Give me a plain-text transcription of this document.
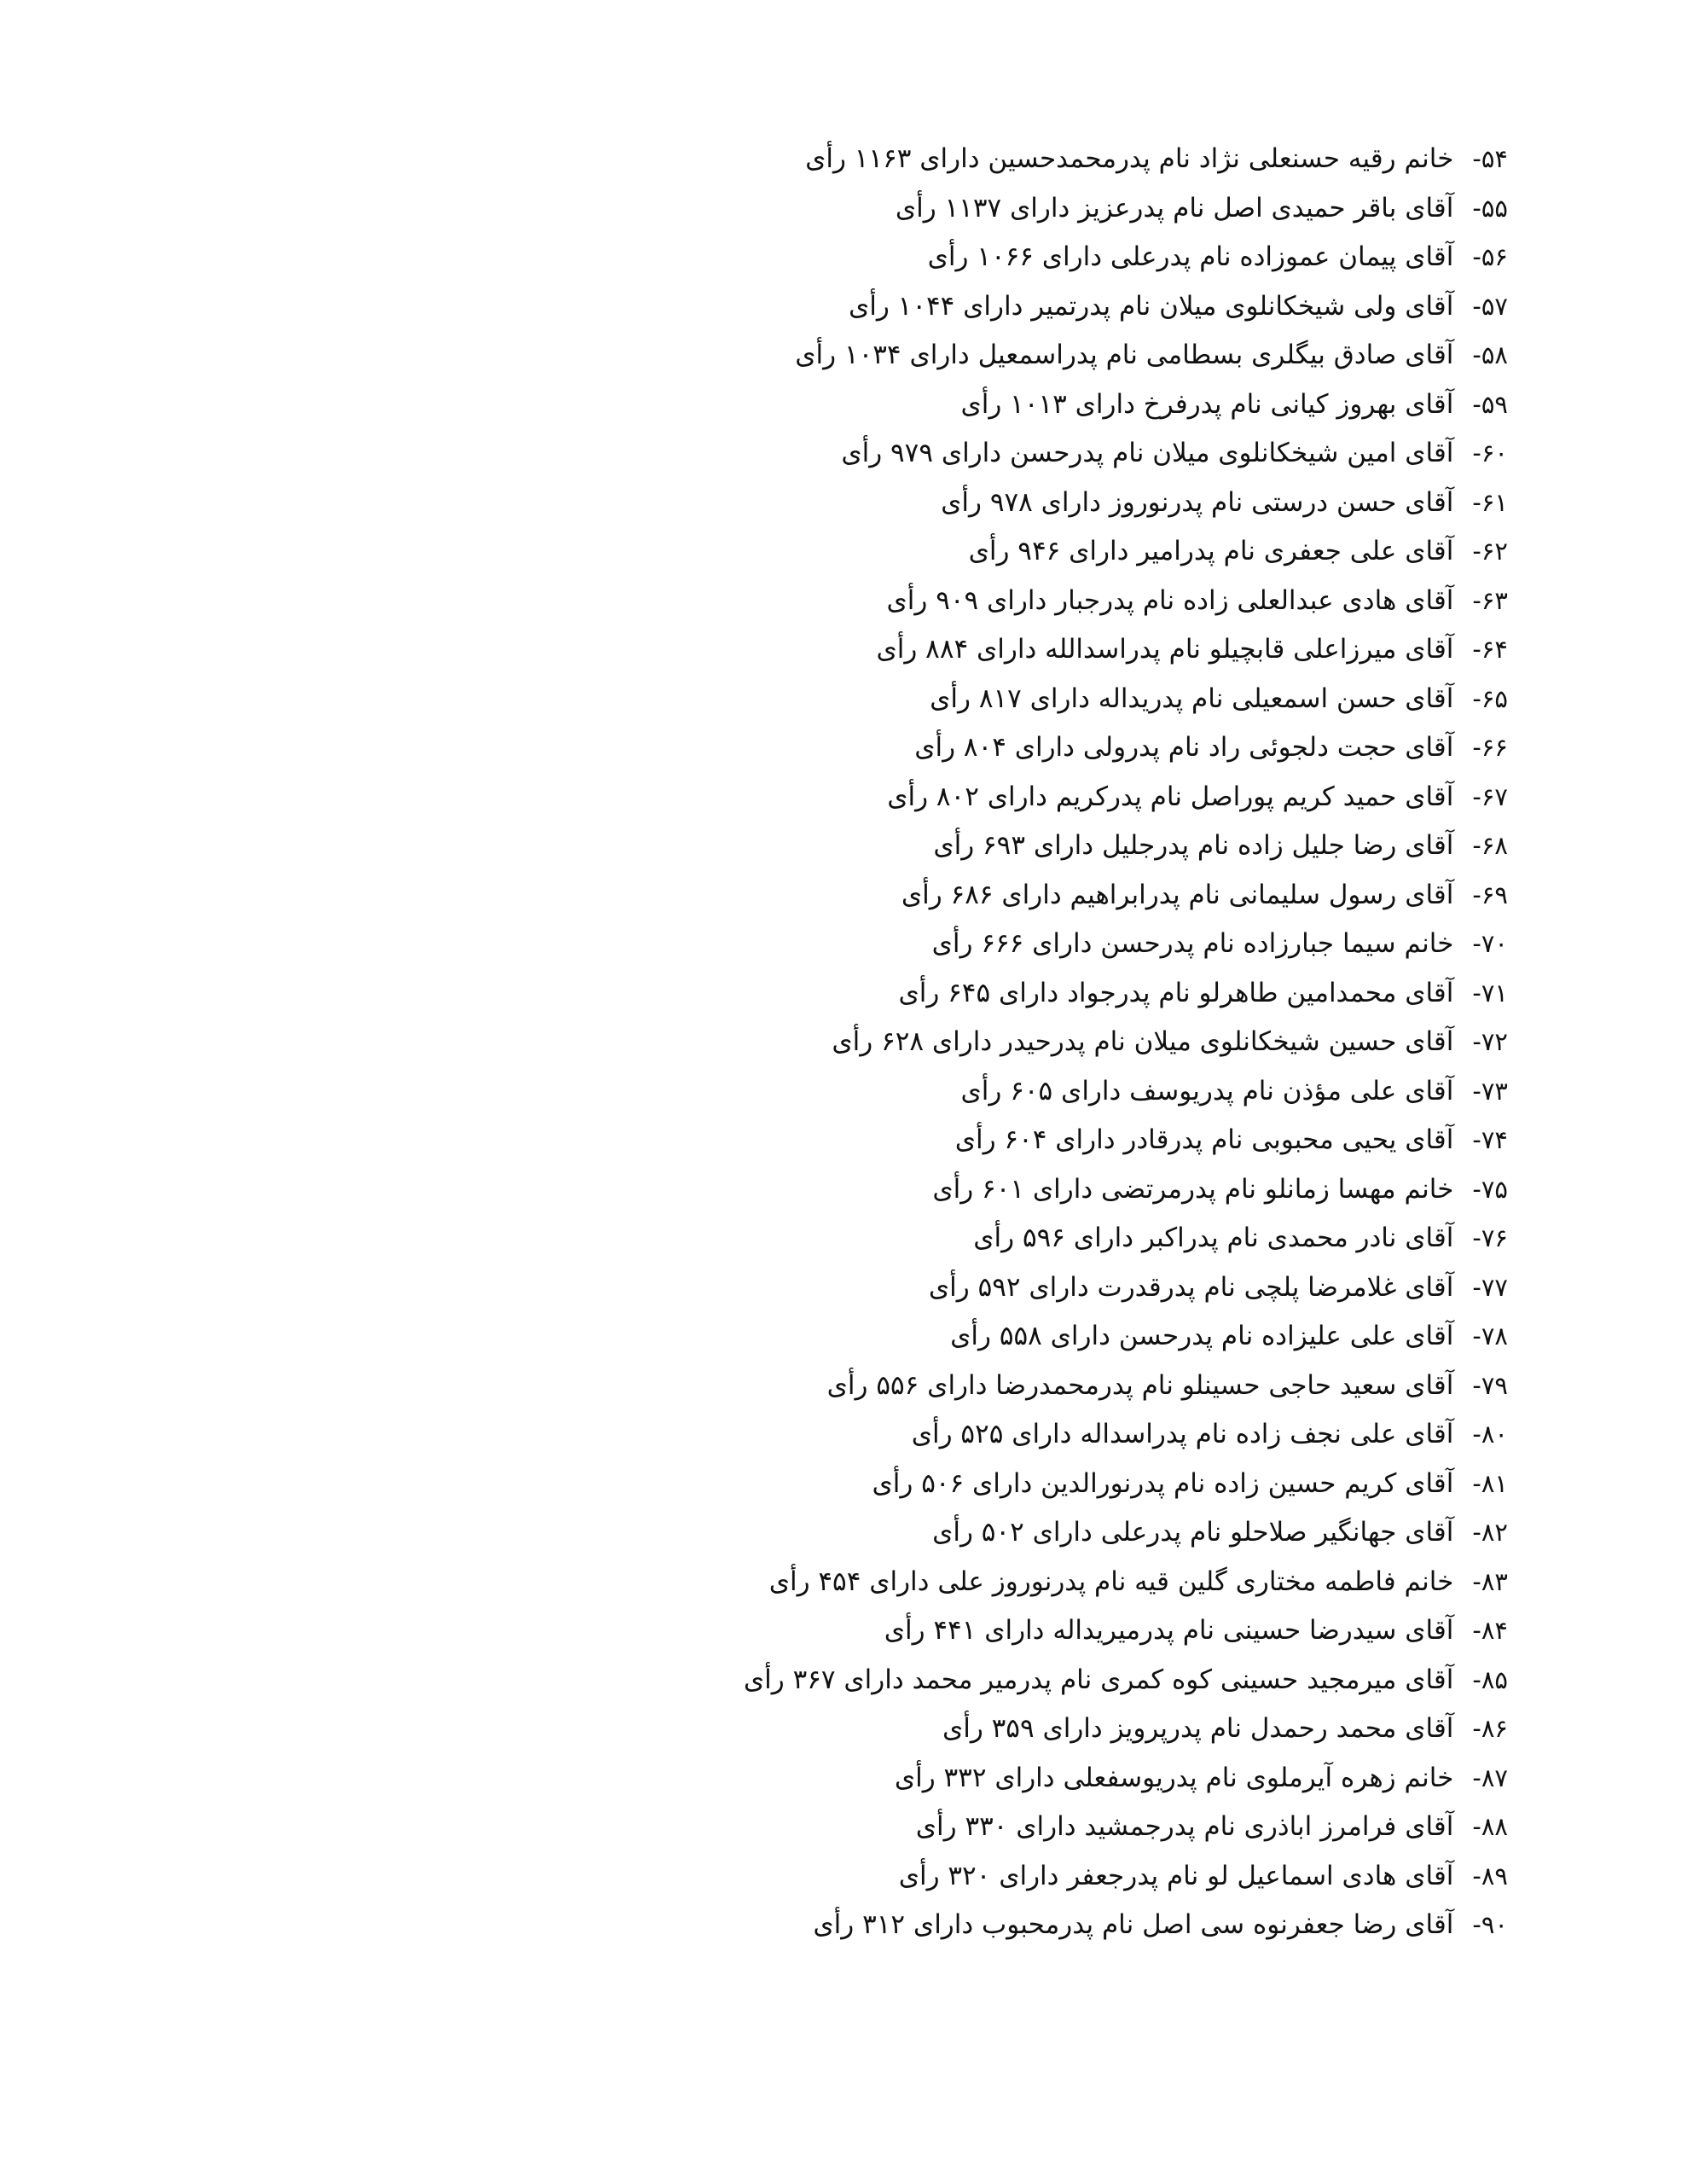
۵۴-
خانم رقیه حسنعلی نژاد نام پدرمحمدحسین دارای ۱۱۶۳ رأی
۵۵-
آقای باقر حمیدی اصل نام پدرعزیز دارای ۱۱۳۷ رأی
۵۶-
آقای پیمان عموزاده نام پدرعلی دارای ۱۰۶۶ رأی
۵۷-
آقای ولی شیخکانلوی میلان نام پدرتمیر دارای ۱۰۴۴ رأی
۵۸-
آقای صادق بیگلری بسطامی نام پدراسمعیل دارای ۱۰۳۴ رأی
۵۹-
آقای بهروز کیانی نام پدرفرخ دارای ۱۰۱۳ رأی
۶۰-
آقای امین شیخکانلوی میلان نام پدرحسن دارای ۹۷۹ رأی
۶۱-
آقای حسن درستی نام پدرنوروز دارای ۹۷۸ رأی
۶۲-
آقای علی جعفری نام پدرامیر دارای ۹۴۶ رأی
۶۳-
آقای هادی عبدالعلی زاده نام پدرجبار دارای ۹۰۹ رأی
۶۴-
آقای میرزاعلی قابچیلو نام پدراسدالله دارای ۸۸۴ رأی
۶۵-
آقای حسن اسمعیلی نام پدریداله دارای ۸۱۷ رأی
۶۶-
آقای حجت دلجوئی راد نام پدرولی دارای ۸۰۴ رأی
۶۷-
آقای حمید کریم پوراصل نام پدرکریم دارای ۸۰۲ رأی
۶۸-
آقای رضا جلیل زاده نام پدرجلیل دارای ۶۹۳ رأی
۶۹-
آقای رسول سلیمانی نام پدرابراهیم دارای ۶۸۶ رأی
۷۰-
خانم سیما جبارزاده نام پدرحسن دارای ۶۶۶ رأی
۷۱-
آقای محمدامین طاهرلو نام پدرجواد دارای ۶۴۵ رأی
۷۲-
آقای حسین شیخکانلوی میلان نام پدرحیدر دارای ۶۲۸ رأی
۷۳-
آقای علی مؤذن نام پدریوسف دارای ۶۰۵ رأی
۷۴-
آقای یحیی محبوبی نام پدرقادر دارای ۶۰۴ رأی
۷۵-
خانم مهسا زمانلو نام پدرمرتضی دارای ۶۰۱ رأی
۷۶-
آقای نادر محمدی نام پدراکبر دارای ۵۹۶ رأی
۷۷-
آقای غلامرضا پلچی نام پدرقدرت دارای ۵۹۲ رأی
۷۸-
آقای علی علیزاده نام پدرحسن دارای ۵۵۸ رأی
۷۹-
آقای سعید حاجی حسینلو نام پدرمحمدرضا دارای ۵۵۶ رأی
۸۰-
آقای علی نجف زاده نام پدراسداله دارای ۵۲۵ رأی
۸۱-
آقای کریم حسین زاده نام پدرنورالدین دارای ۵۰۶ رأی
۸۲-
آقای جهانگیر صلاحلو نام پدرعلی دارای ۵۰۲ رأی
۸۳-
خانم فاطمه مختاری گلین قیه نام پدرنوروز علی دارای ۴۵۴ رأی
۸۴-
آقای سیدرضا حسینی نام پدرمیریداله دارای ۴۴۱ رأی
۸۵-
آقای میرمجید حسینی کوه کمری نام پدرمیر محمد دارای ۳۶۷ رأی
۸۶-
آقای محمد رحمدل نام پدرپرویز دارای ۳۵۹ رأی
۸۷-
خانم زهره آیرملوی نام پدریوسفعلی دارای ۳۳۲ رأی
۸۸-
آقای فرامرز اباذری نام پدرجمشید دارای ۳۳۰ رأی
۸۹-
آقای هادی اسماعیل لو نام پدرجعفر دارای ۳۲۰ رأی
۹۰-
آقای رضا جعفرنوه سی اصل نام پدرمحبوب دارای ۳۱۲ رأی
